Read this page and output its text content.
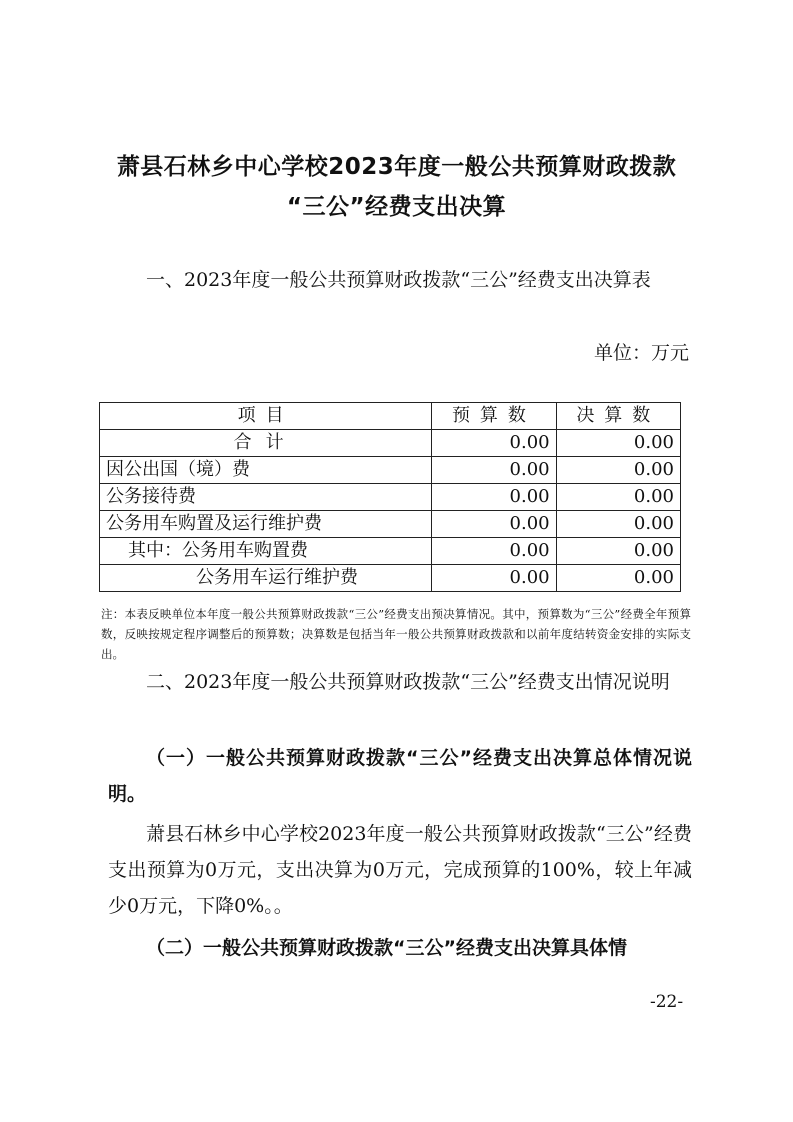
萧县石林乡中心学校2023年度一般公共预算财政拨款
“三公”经费支出决算
一、2023年度一般公共预算财政拨款“三公”经费支出决算表
单位：万元
项目	预算数	决算数
合计	0.00	0.00
因公出国（境）费	0.00	0.00
公务接待费	0.00	0.00
公务用车购置及运行维护费	0.00	0.00
其中：公务用车购置费	0.00	0.00
公务用车运行维护费	0.00	0.00
注：本表反映单位本年度一般公共预算财政拨款“三公”经费支出预决算情况。其中，预算数为“三公”经费全年预算数，反映按规定程序调整后的预算数；决算数是包括当年一般公共预算财政拨款和以前年度结转资金安排的实际支出。
二、2023年度一般公共预算财政拨款“三公”经费支出情况说明
（一）一般公共预算财政拨款“三公”经费支出决算总体情况说明。
萧县石林乡中心学校2023年度一般公共预算财政拨款“三公”经费支出预算为0万元，支出决算为0万元，完成预算的100%，较上年减少0万元，下降0%。。
（二）一般公共预算财政拨款“三公”经费支出决算具体情
-22-
